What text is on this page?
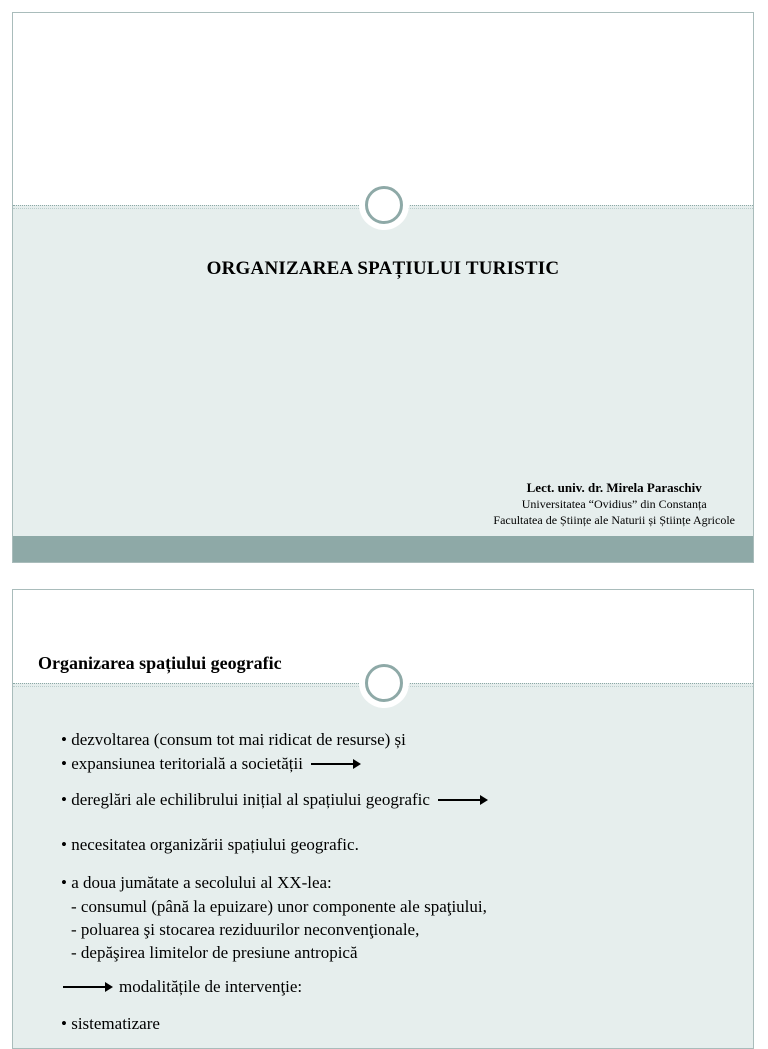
ORGANIZAREA SPAȚIULUI TURISTIC
Lect. univ. dr. Mirela Paraschiv
Universitatea “Ovidius” din Constanța
Facultatea de Științe ale Naturii și Științe Agricole
Organizarea spațiului geografic
• dezvoltarea (consum tot mai ridicat de resurse) și
• expansiunea teritorială a societății
• dereglări ale echilibrului inițial al spațiului geografic
• necesitatea organizării spațiului geografic.
• a doua jumătate a secolului al XX-lea:
- consumul (până la epuizare) unor componente ale spaţiului,
- poluarea şi stocarea reziduurilor neconvenţionale,
- depăşirea limitelor de presiune antropică
modalitățile de intervenţie:
• sistematizare
